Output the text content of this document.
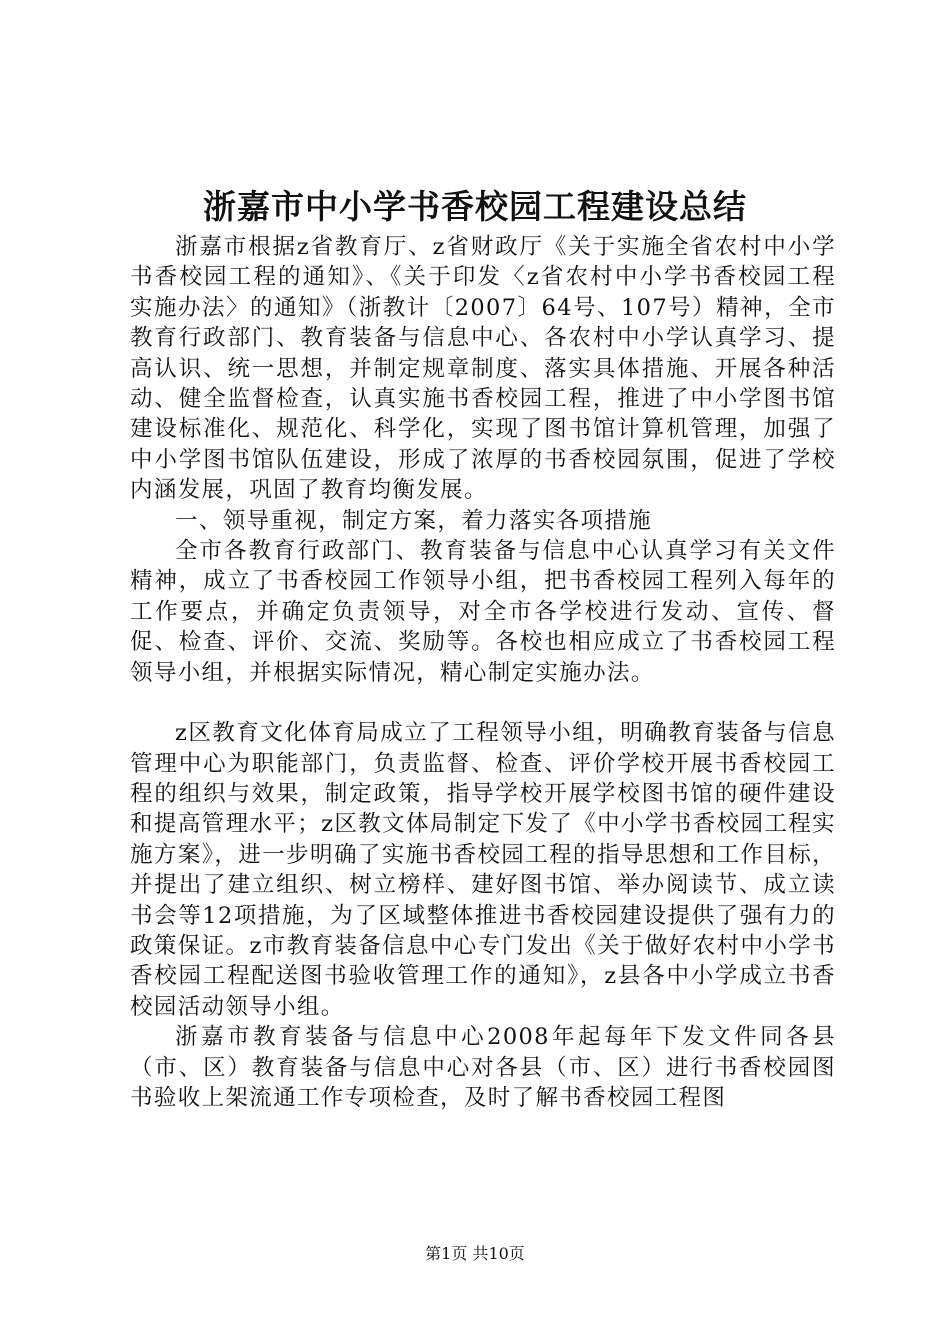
浙嘉市中小学书香校园工程建设总结

浙嘉市根据z省教育厅、z省财政厅《关于实施全省农村中小学书香校园工程的通知》、《关于印发〈z省农村中小学书香校园工程实施办法〉的通知》（浙教计〔2007〕64号、107号）精神，全市教育行政部门、教育装备与信息中心、各农村中小学认真学习、提高认识、统一思想，并制定规章制度、落实具体措施、开展各种活动、健全监督检查，认真实施书香校园工程，推进了中小学图书馆建设标准化、规范化、科学化，实现了图书馆计算机管理，加强了中小学图书馆队伍建设，形成了浓厚的书香校园氛围，促进了学校内涵发展，巩固了教育均衡发展。

一、领导重视，制定方案，着力落实各项措施

全市各教育行政部门、教育装备与信息中心认真学习有关文件精神，成立了书香校园工作领导小组，把书香校园工程列入每年的工作要点，并确定负责领导，对全市各学校进行发动、宣传、督促、检查、评价、交流、奖励等。各校也相应成立了书香校园工程领导小组，并根据实际情况，精心制定实施办法。

z区教育文化体育局成立了工程领导小组，明确教育装备与信息管理中心为职能部门，负责监督、检查、评价学校开展书香校园工程的组织与效果，制定政策，指导学校开展学校图书馆的硬件建设和提高管理水平；z区教文体局制定下发了《中小学书香校园工程实施方案》，进一步明确了实施书香校园工程的指导思想和工作目标，并提出了建立组织、树立榜样、建好图书馆、举办阅读节、成立读书会等12项措施，为了区域整体推进书香校园建设提供了强有力的政策保证。z市教育装备信息中心专门发出《关于做好农村中小学书香校园工程配送图书验收管理工作的通知》，z县各中小学成立书香校园活动领导小组。

浙嘉市教育装备与信息中心2008年起每年下发文件同各县（市、区）教育装备与信息中心对各县（市、区）进行书香校园图书验收上架流通工作专项检查，及时了解书香校园工程图

第1页 共10页
